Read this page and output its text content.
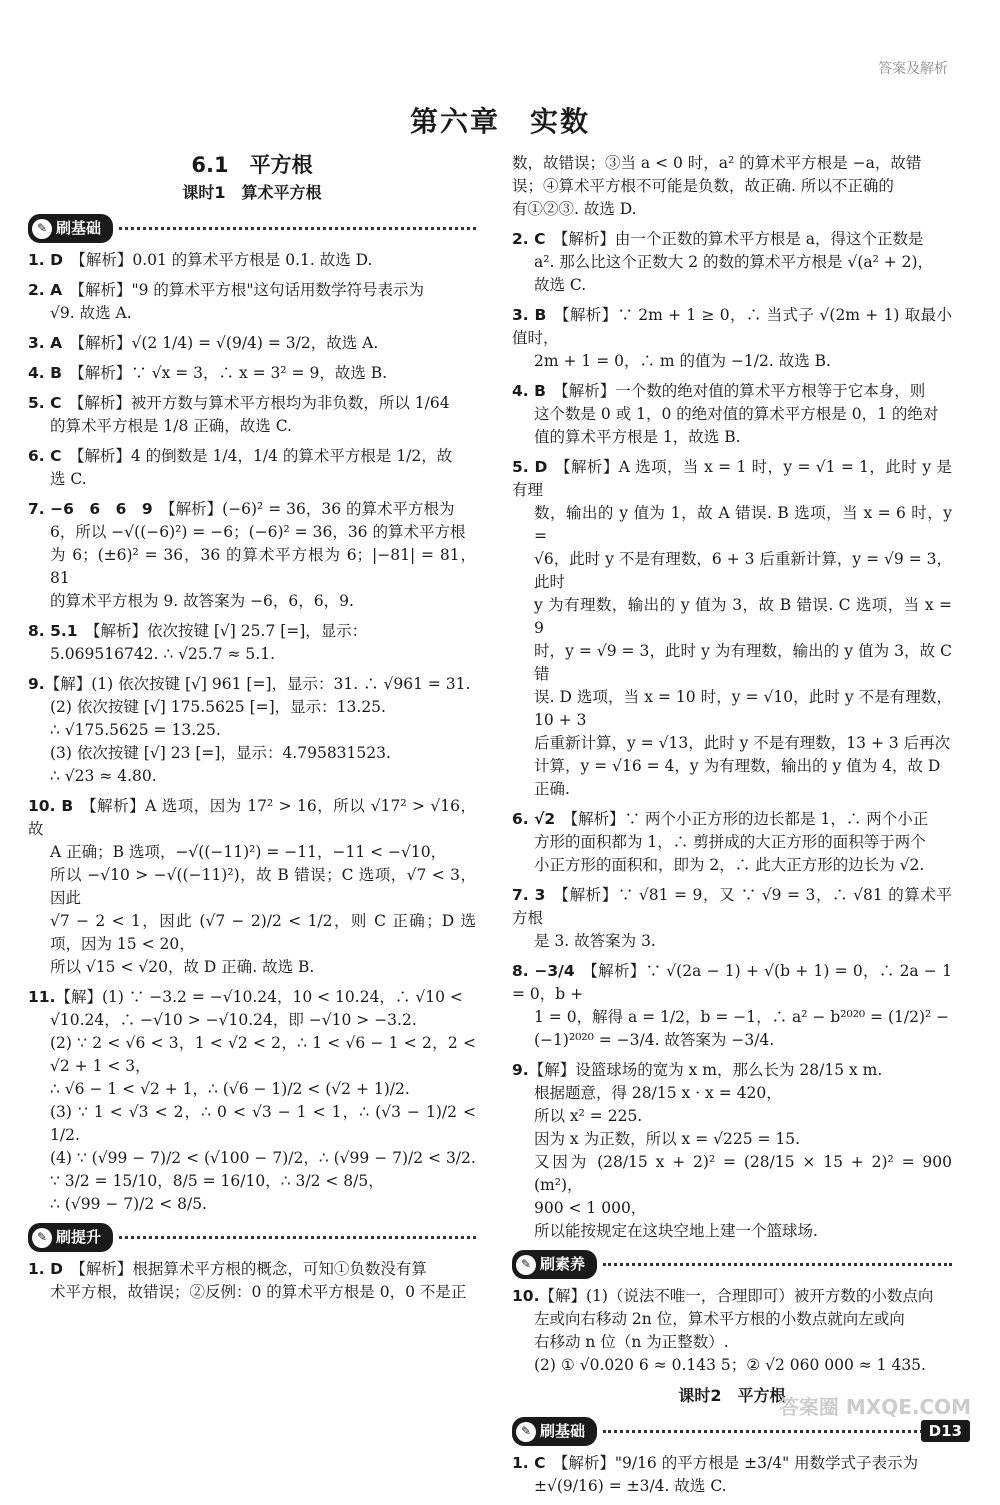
答案及解析
第六章　实数
6.1　平方根
课时1　算术平方根
✎ 刷基础

1. D 【解析】0.01 的算术平方根是 0.1. 故选 D.

2. A 【解析】"9 的算术平方根"这句话用数学符号表示为

√9. 故选 A.

3. A 【解析】√(2 1/4) = √(9/4) = 3/2，故选 A.

4. B 【解析】∵ √x = 3，∴ x = 3² = 9，故选 B.

5. C 【解析】被开方数与算术平方根均为非负数，所以 1/64

的算术平方根是 1/8 正确，故选 C.

6. C 【解析】4 的倒数是 1/4，1/4 的算术平方根是 1/2，故

选 C.

7. −6　6　6　9 【解析】(−6)² = 36，36 的算术平方根为

6，所以 −√((−6)²) = −6；(−6)² = 36，36 的算术平方根

为 6；(±6)² = 36，36 的算术平方根为 6；|−81| = 81，81

的算术平方根为 9. 故答案为 −6，6，6，9.

8. 5.1 【解析】依次按键 [√] 25.7 [=]，显示：

5.069516742. ∴ √25.7 ≈ 5.1.

9.【解】(1) 依次按键 [√] 961 [=]，显示：31. ∴ √961 = 31.

(2) 依次按键 [√] 175.5625 [=]，显示：13.25.

∴ √175.5625 = 13.25.

(3) 依次按键 [√] 23 [=]，显示：4.795831523.

∴ √23 ≈ 4.80.

10. B 【解析】A 选项，因为 17² > 16，所以 √17² > √16，故

A 正确；B 选项，−√((−11)²) = −11，−11 < −√10，

所以 −√10 > −√((−11)²)，故 B 错误；C 选项，√7 < 3，因此

√7 − 2 < 1，因此 (√7 − 2)/2 < 1/2，则 C 正确；D 选项，因为 15 < 20，

所以 √15 < √20，故 D 正确. 故选 B.

11.【解】(1) ∵ −3.2 = −√10.24，10 < 10.24，∴ √10 <

√10.24，∴ −√10 > −√10.24，即 −√10 > −3.2.

(2) ∵ 2 < √6 < 3，1 < √2 < 2，∴ 1 < √6 − 1 < 2，2 < √2 + 1 < 3，

∴ √6 − 1 < √2 + 1，∴ (√6 − 1)/2 < (√2 + 1)/2.

(3) ∵ 1 < √3 < 2，∴ 0 < √3 − 1 < 1，∴ (√3 − 1)/2 < 1/2.

(4) ∵ (√99 − 7)/2 < (√100 − 7)/2，∴ (√99 − 7)/2 < 3/2.

∵ 3/2 = 15/10，8/5 = 16/10，∴ 3/2 < 8/5，

∴ (√99 − 7)/2 < 8/5.

✎ 刷提升

1. D 【解析】根据算术平方根的概念，可知①负数没有算

术平方根，故错误；②反例：0 的算术平方根是 0，0 不是正

数，故错误；③当 a < 0 时，a² 的算术平方根是 −a，故错

误；④算术平方根不可能是负数，故正确. 所以不正确的

有①②③. 故选 D.

2. C 【解析】由一个正数的算术平方根是 a，得这个正数是

a². 那么比这个正数大 2 的数的算术平方根是 √(a² + 2)，

故选 C.

3. B 【解析】∵ 2m + 1 ≥ 0，∴ 当式子 √(2m + 1) 取最小值时，

2m + 1 = 0，∴ m 的值为 −1/2. 故选 B.

4. B 【解析】一个数的绝对值的算术平方根等于它本身，则

这个数是 0 或 1，0 的绝对值的算术平方根是 0，1 的绝对

值的算术平方根是 1，故选 B.

5. D 【解析】A 选项，当 x = 1 时，y = √1 = 1，此时 y 是有理

数，输出的 y 值为 1，故 A 错误. B 选项，当 x = 6 时，y =

√6，此时 y 不是有理数，6 + 3 后重新计算，y = √9 = 3，此时

y 为有理数，输出的 y 值为 3，故 B 错误. C 选项，当 x = 9

时，y = √9 = 3，此时 y 为有理数，输出的 y 值为 3，故 C 错

误. D 选项，当 x = 10 时，y = √10，此时 y 不是有理数，10 + 3

后重新计算，y = √13，此时 y 不是有理数，13 + 3 后再次

计算，y = √16 = 4，y 为有理数，输出的 y 值为 4，故 D

正确.

6. √2 【解析】∵ 两个小正方形的边长都是 1，∴ 两个小正

方形的面积都为 1，∴ 剪拼成的大正方形的面积等于两个

小正方形的面积和，即为 2，∴ 此大正方形的边长为 √2.

7. 3 【解析】∵ √81 = 9，又 ∵ √9 = 3，∴ √81 的算术平方根

是 3. 故答案为 3.

8. −3/4 【解析】∵ √(2a − 1) + √(b + 1) = 0，∴ 2a − 1 = 0，b +

1 = 0，解得 a = 1/2，b = −1，∴ a² − b²⁰²⁰ = (1/2)² −

(−1)²⁰²⁰ = −3/4. 故答案为 −3/4.

9.【解】设篮球场的宽为 x m，那么长为 28/15 x m.

根据题意，得 28/15 x · x = 420，

所以 x² = 225.

因为 x 为正数，所以 x = √225 = 15.

又因为 (28/15 x + 2)² = (28/15 × 15 + 2)² = 900 (m²)，

900 < 1 000，

所以能按规定在这块空地上建一个篮球场.

✎ 刷素养

10.【解】(1)（说法不唯一，合理即可）被开方数的小数点向

左或向右移动 2n 位，算术平方根的小数点就向左或向

右移动 n 位（n 为正整数）.

(2) ① √0.020 6 ≈ 0.143 5；② √2 060 000 ≈ 1 435.

课时2　平方根
✎ 刷基础

1. C 【解析】"9/16 的平方根是 ±3/4" 用数学式子表示为

±√(9/16) = ±3/4. 故选 C.

答案圈 MXQE.COM
D13
